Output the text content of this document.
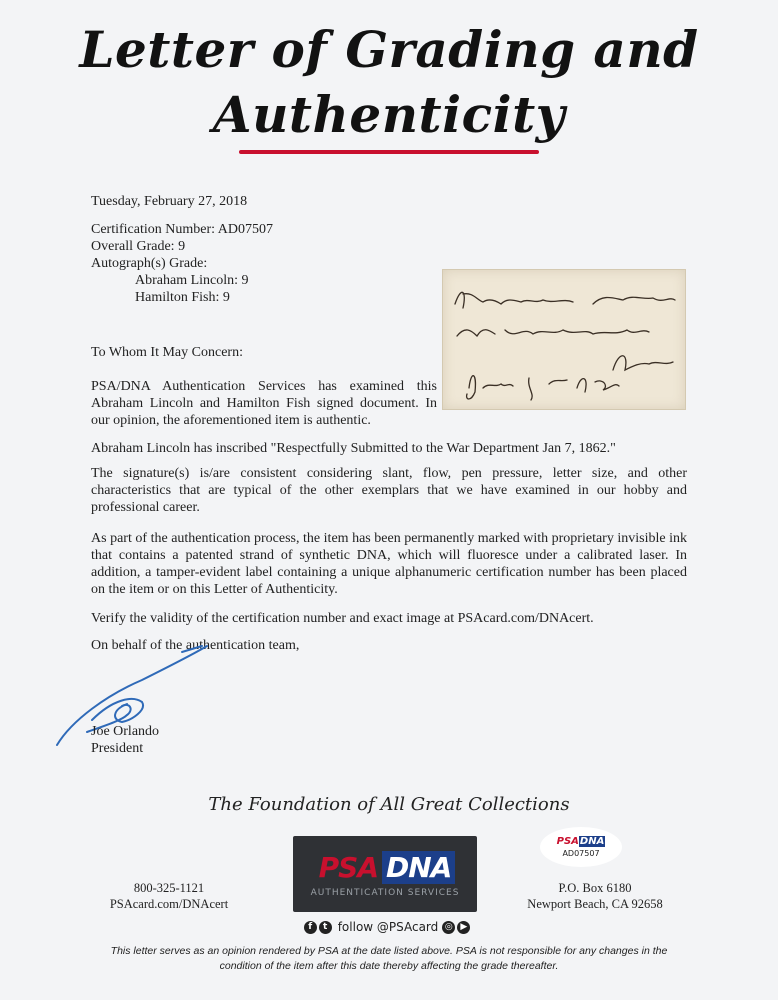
Letter of Grading and
Authenticity
Tuesday, February 27, 2018
Certification Number: AD07507
Overall Grade: 9
Autograph(s) Grade:
Abraham Lincoln: 9
Hamilton Fish: 9
To Whom It May Concern:
PSA/DNA Authentication Services has examined this Abraham Lincoln and Hamilton Fish signed document. In our opinion, the aforementioned item is authentic.
Abraham Lincoln has inscribed "Respectfully Submitted to the War Department Jan 7, 1862."
The signature(s) is/are consistent considering slant, flow, pen pressure, letter size, and other characteristics that are typical of the other exemplars that we have examined in our hobby and professional career.
As part of the authentication process, the item has been permanently marked with proprietary invisible ink that contains a patented strand of synthetic DNA, which will fluoresce under a calibrated laser. In addition, a tamper-evident label containing a unique alphanumeric certification number has been placed on the item or on this Letter of Authenticity.
Verify the validity of the certification number and exact image at PSAcard.com/DNAcert.
On behalf of the authentication team,
Joe Orlando
President
The Foundation of All Great Collections
800-325-1121
PSAcard.com/DNAcert
PSA DNA
AUTHENTICATION SERVICES
f	t follow @PSAcard ◎ ▶
PSA DNA
AD07507
P.O. Box 6180
Newport Beach, CA 92658
This letter serves as an opinion rendered by PSA at the date listed above. PSA is not responsible for any changes in the
condition of the item after this date thereby affecting the grade thereafter.
